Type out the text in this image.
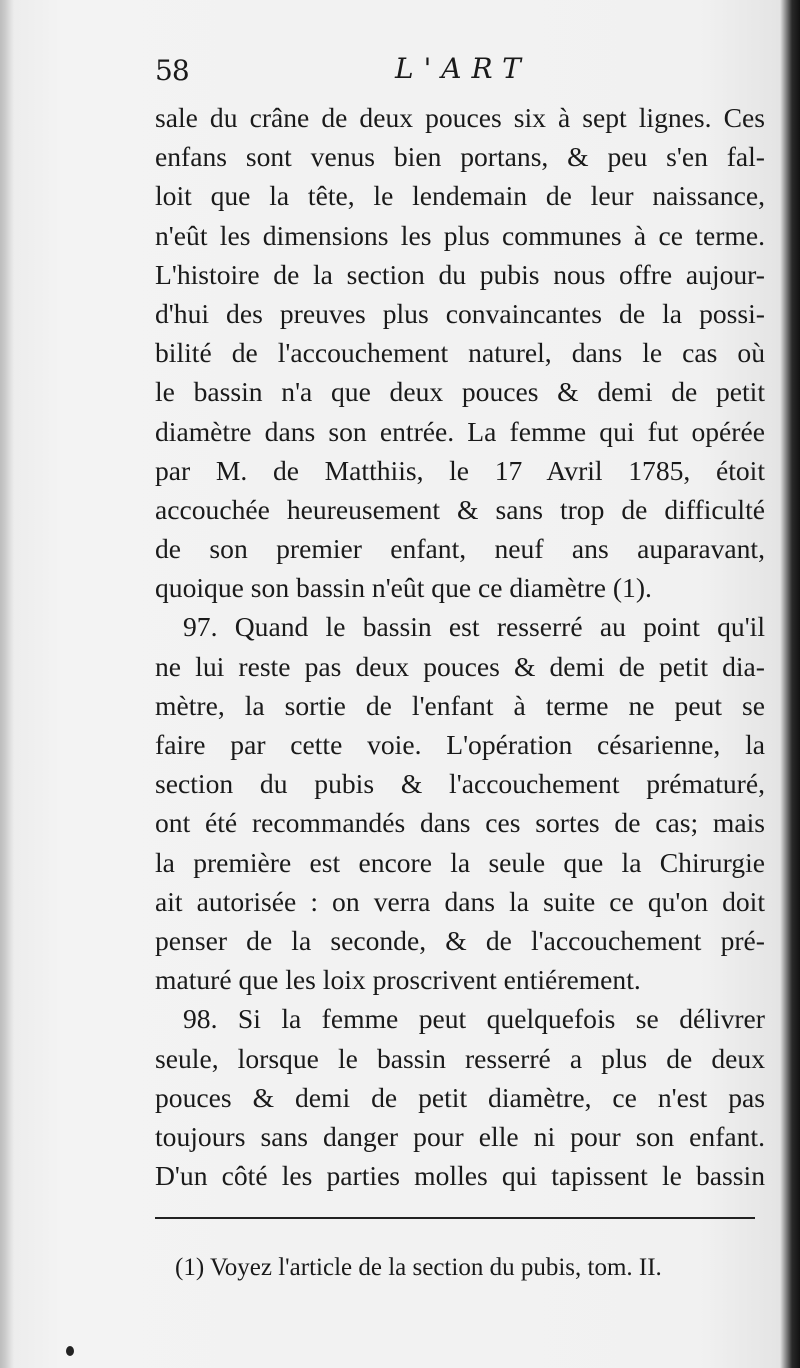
58	L'ART
sale du crâne de deux pouces six à sept lignes. Ces
enfans sont venus bien portans, & peu s'en fal-
loit que la tête, le lendemain de leur naissance,
n'eût les dimensions les plus communes à ce terme.
L'histoire de la section du pubis nous offre aujour-
d'hui des preuves plus convaincantes de la possi-
bilité de l'accouchement naturel, dans le cas où
le bassin n'a que deux pouces & demi de petit
diamètre dans son entrée. La femme qui fut opérée
par M. de Matthiis, le 17 Avril 1785, étoit
accouchée heureusement & sans trop de difficulté
de son premier enfant, neuf ans auparavant,
quoique son bassin n'eût que ce diamètre (1).
97. Quand le bassin est resserré au point qu'il
ne lui reste pas deux pouces & demi de petit dia-
mètre, la sortie de l'enfant à terme ne peut se
faire par cette voie. L'opération césarienne, la
section du pubis & l'accouchement prématuré,
ont été recommandés dans ces sortes de cas; mais
la première est encore la seule que la Chirurgie
ait autorisée : on verra dans la suite ce qu'on doit
penser de la seconde, & de l'accouchement pré-
maturé que les loix proscrivent entiérement.
98. Si la femme peut quelquefois se délivrer
seule, lorsque le bassin resserré a plus de deux
pouces & demi de petit diamètre, ce n'est pas
toujours sans danger pour elle ni pour son enfant.
D'un côté les parties molles qui tapissent le bassin
(1) Voyez l'article de la section du pubis, tom. II.
